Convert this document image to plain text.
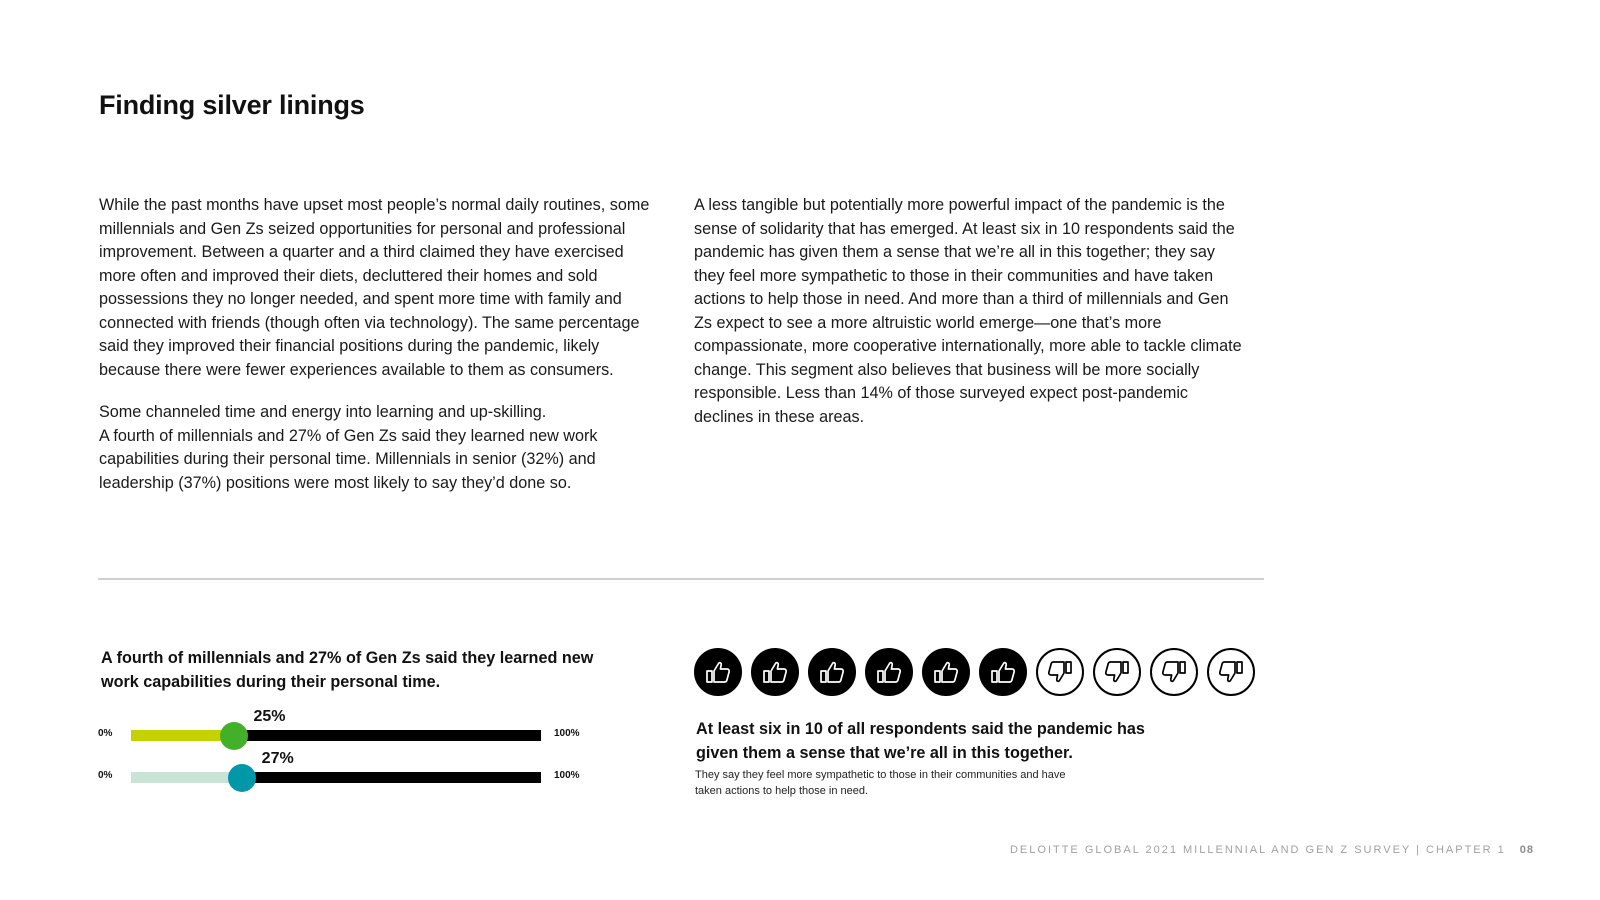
Finding silver linings

While the past months have upset most people’s normal daily routines, some millennials and Gen Zs seized opportunities for personal and professional improvement. Between a quarter and a third claimed they have exercised more often and improved their diets, decluttered their homes and sold possessions they no longer needed, and spent more time with family and connected with friends (though often via technology). The same percentage said they improved their financial positions during the pandemic, likely because there were fewer experiences available to them as consumers.

Some channeled time and energy into learning and up-skilling.
A fourth of millennials and 27% of Gen Zs said they learned new work capabilities during their personal time. Millennials in senior (32%) and leadership (37%) positions were most likely to say they’d done so.

A less tangible but potentially more powerful impact of the pandemic is the sense of solidarity that has emerged. At least six in 10 respondents said the pandemic has given them a sense that we’re all in this together; they say they feel more sympathetic to those in their communities and have taken actions to help those in need. And more than a third of millennials and Gen Zs expect to see a more altruistic world emerge—one that’s more compassionate, more cooperative internationally, more able to tackle climate change. This segment also believes that business will be more socially responsible. Less than 14% of those surveyed expect post-pandemic declines in these areas.

A fourth of millennials and 27% of Gen Zs said they learned new work capabilities during their personal time.
0%
25%
100%
0%
27%
100%

At least six in 10 of all respondents said the pandemic has given them a sense that we’re all in this together.

They say they feel more sympathetic to those in their communities and have taken actions to help those in need.

DELOITTE GLOBAL 2021 MILLENNIAL AND GEN Z SURVEY | CHAPTER 1 08
